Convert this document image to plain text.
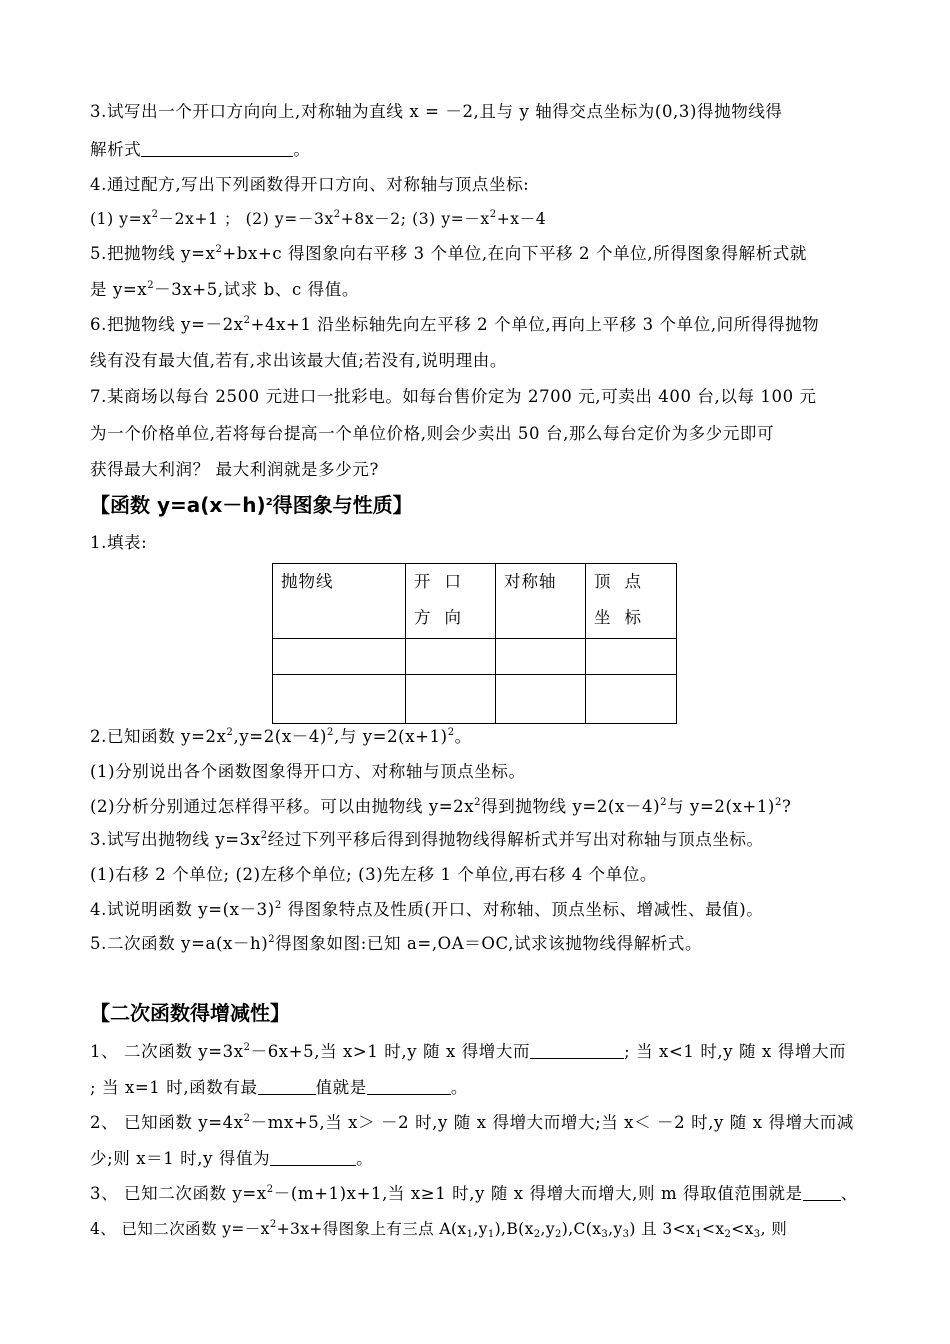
3.试写出一个开口方向向上,对称轴为直线 x = －2,且与 y 轴得交点坐标为(0,3)得抛物线得
解析式	。
4.通过配方,写出下列函数得开口方向、对称轴与顶点坐标:
(1) $y=x^2-2x+1$ ； (2) $y=-3x^2+8x-2$; (3) $y=-x^2+x-4$
5.把抛物线 $y=x^2+bx+c$ 得图象向右平移 3 个单位,在向下平移 2 个单位,所得图象得解析式就
是 $y=x^2-3x+5$,试求 b、c 得值。
6.把抛物线 $y=-2x^2+4x+1$ 沿坐标轴先向左平移 2 个单位,再向上平移 3 个单位,问所得得抛物
线有没有最大值,若有,求出该最大值;若没有,说明理由。
7.某商场以每台 2500 元进口一批彩电。如每台售价定为 2700 元,可卖出 400 台,以每 100 元
为一个价格单位,若将每台提高一个单位价格,则会少卖出 50 台,那么每台定价为多少元即可
获得最大利润？ 最大利润就是多少元?
【函数 $y=a(x-h)^2$得图象与性质】
1.填表:
抛物线	开口方向	对称轴	顶点坐标

2.已知函数 $y=2x^2,y=2(x-4)^2$,与 $y=2(x+1)^2$。
(1)分别说出各个函数图象得开口方、对称轴与顶点坐标。
(2)分析分别通过怎样得平移。可以由抛物线 $y=2x^2$得到抛物线 $y=2(x-4)^2$与 $y=2(x+1)^2$?
3.试写出抛物线 $y=3x^2$经过下列平移后得到得抛物线得解析式并写出对称轴与顶点坐标。
(1)右移 2 个单位; (2)左移个单位; (3)先左移 1 个单位,再右移 4 个单位。
4.试说明函数 $y=(x-3)^2$ 得图象特点及性质(开口、对称轴、顶点坐标、增减性、最值)。
5.二次函数 $y=a(x-h)^2$得图象如图:已知 a=,OA＝OC,试求该抛物线得解析式。
【二次函数得增减性】
1、 二次函数 $y=3x^2-6x+5$,当 x>1 时,y 随 x 得增大而	; 当 x<1 时,y 随 x 得增大而
; 当 x=1 时,函数有最	值就是	。
2、 已知函数 $y=4x^2-mx+5$,当 x＞ －2 时,y 随 x 得增大而增大;当 x＜ －2 时,y 随 x 得增大而减
少;则 x＝1 时,y 得值为	。
3、 已知二次函数 $y=x^2-(m+1)x+1$,当 x≥1 时,y 随 x 得增大而增大,则 m 得取值范围就是 、
4、 已知二次函数 $y=-x^2+3x+$得图象上有三点 $A(x_1,y_1),B(x_2,y_2),C(x_3,y_3)$ 且 $3<x_1<x_2<x_3$, 则
